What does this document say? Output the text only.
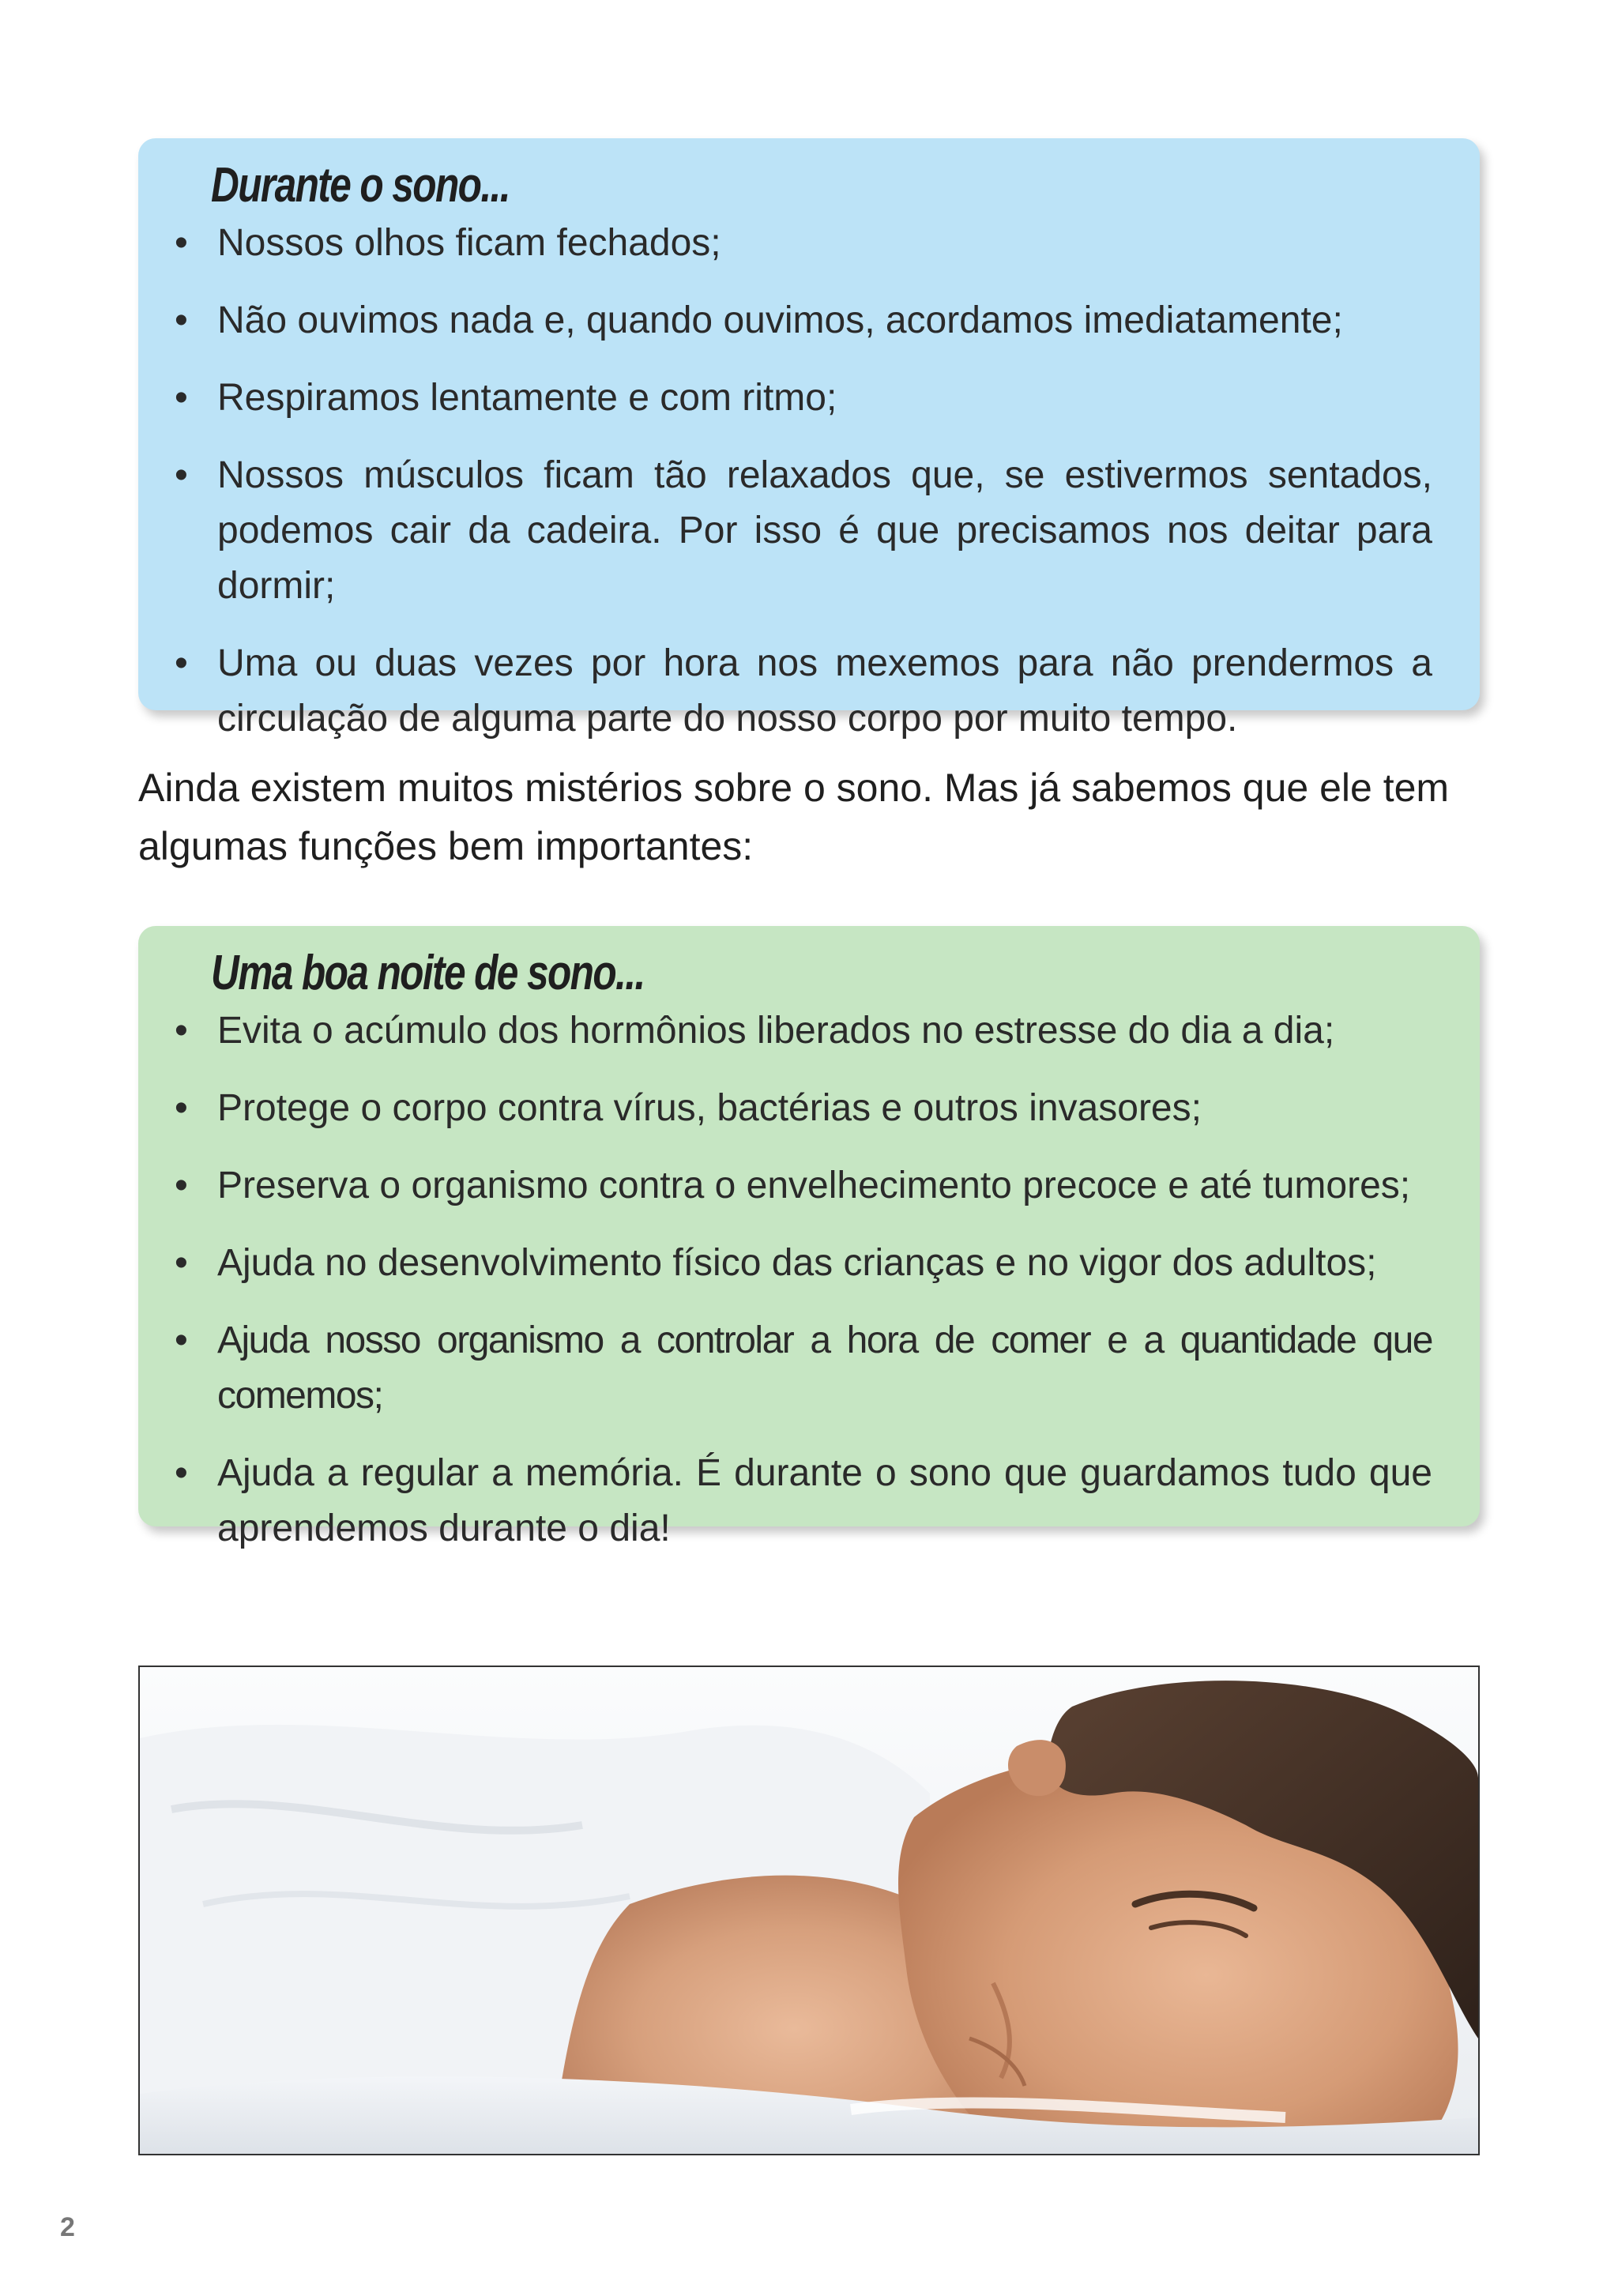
Durante o sono...
• Nossos olhos ficam fechados;
• Não ouvimos nada e, quando ouvimos, acordamos imediatamente;
• Respiramos lentamente e com ritmo;
• Nossos músculos ficam tão relaxados que, se estivermos sentados, podemos cair da cadeira. Por isso é que precisamos nos deitar para dormir;
• Uma ou duas vezes por hora nos mexemos para não prendermos a circulação de alguma parte do nosso corpo por muito tempo.

Ainda existem muitos mistérios sobre o sono. Mas já sabemos que ele tem algumas funções bem importantes:

Uma boa noite de sono...
• Evita o acúmulo dos hormônios liberados no estresse do dia a dia;
• Protege o corpo contra vírus, bactérias e outros invasores;
• Preserva o organismo contra o envelhecimento precoce e até tumores;
• Ajuda no desenvolvimento físico das crianças e no vigor dos adultos;
• Ajuda nosso organismo a controlar a hora de comer e a quantidade que comemos;
• Ajuda a regular a memória. É durante o sono que guardamos tudo que aprendemos durante o dia!
2
